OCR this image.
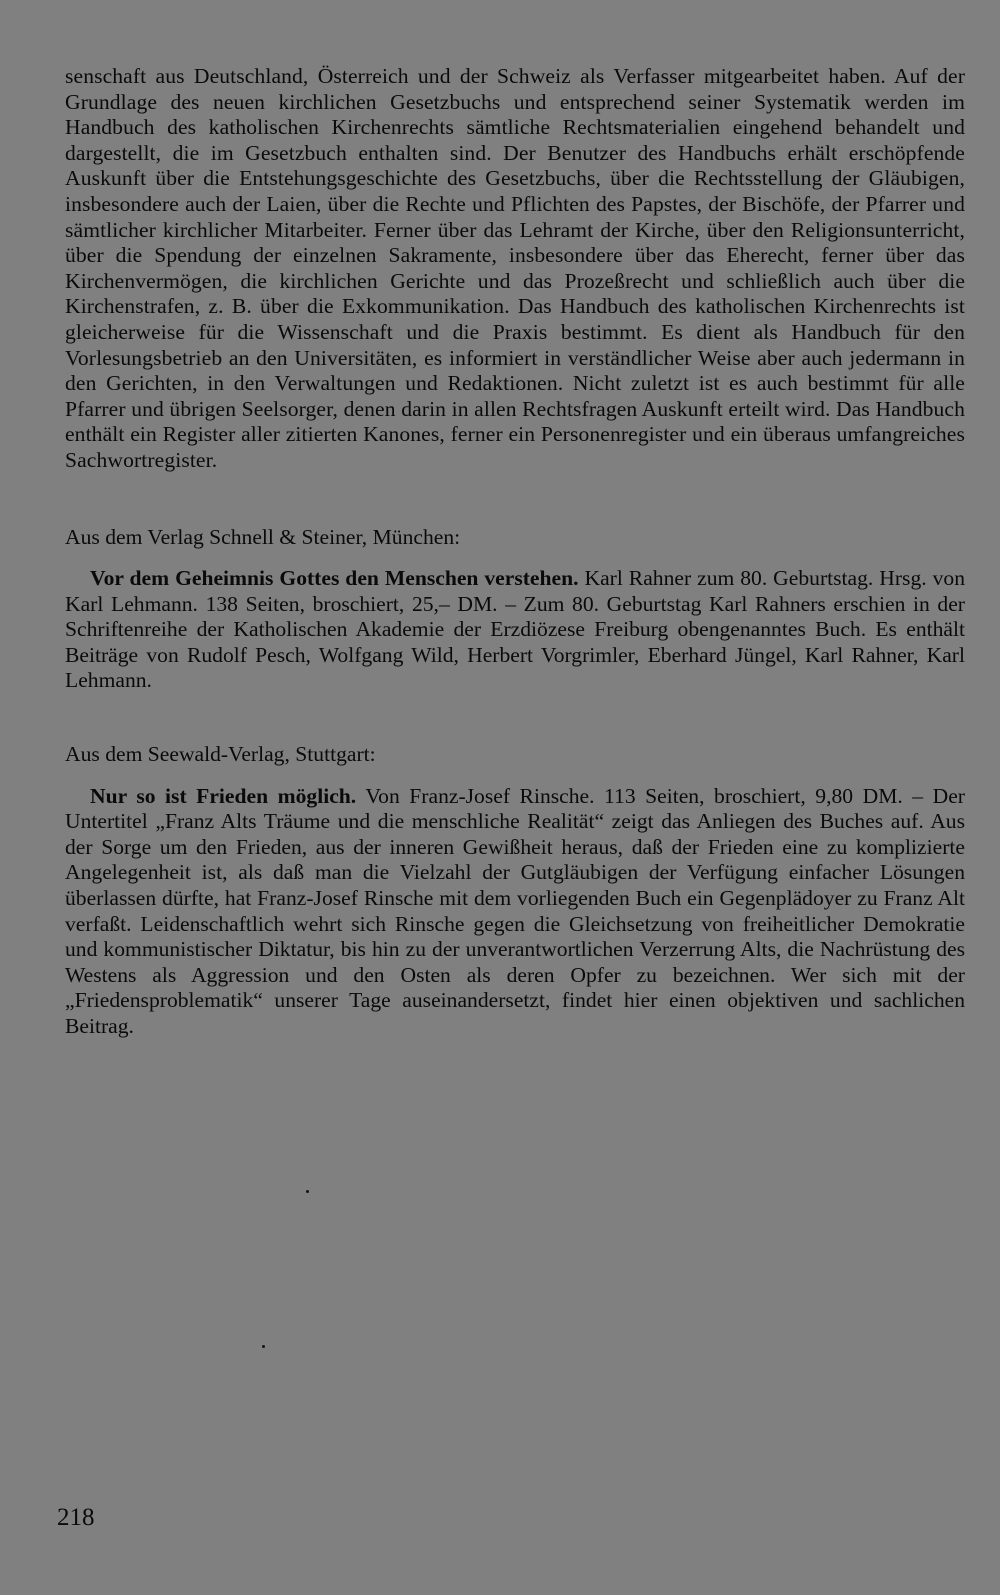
senschaft aus Deutschland, Österreich und der Schweiz als Verfasser mitgearbeitet haben. Auf der Grundlage des neuen kirchlichen Gesetzbuchs und entsprechend seiner Systematik werden im Handbuch des katholischen Kirchenrechts sämtliche Rechtsmaterialien eingehend behandelt und dargestellt, die im Gesetzbuch enthalten sind. Der Benutzer des Handbuchs erhält erschöpfende Auskunft über die Entstehungsgeschichte des Gesetzbuchs, über die Rechtsstellung der Gläubigen, insbesondere auch der Laien, über die Rechte und Pflichten des Papstes, der Bischöfe, der Pfarrer und sämtlicher kirchlicher Mitarbeiter. Ferner über das Lehramt der Kirche, über den Religionsunterricht, über die Spendung der einzelnen Sakramente, insbesondere über das Eherecht, ferner über das Kirchenvermögen, die kirchlichen Gerichte und das Prozeßrecht und schließlich auch über die Kirchenstrafen, z. B. über die Exkommunikation. Das Handbuch des katholischen Kirchenrechts ist gleicherweise für die Wissenschaft und die Praxis bestimmt. Es dient als Handbuch für den Vorlesungsbetrieb an den Universitäten, es informiert in verständlicher Weise aber auch jedermann in den Gerichten, in den Verwaltungen und Redaktionen. Nicht zuletzt ist es auch bestimmt für alle Pfarrer und übrigen Seelsorger, denen darin in allen Rechtsfragen Auskunft erteilt wird. Das Handbuch enthält ein Register aller zitierten Kanones, ferner ein Personenregister und ein überaus umfangreiches Sachwortregister.

Aus dem Verlag Schnell & Steiner, München:

Vor dem Geheimnis Gottes den Menschen verstehen. Karl Rahner zum 80. Geburtstag. Hrsg. von Karl Lehmann. 138 Seiten, broschiert, 25,– DM. – Zum 80. Geburtstag Karl Rahners erschien in der Schriftenreihe der Katholischen Akademie der Erzdiözese Freiburg obengenanntes Buch. Es enthält Beiträge von Rudolf Pesch, Wolfgang Wild, Herbert Vorgrimler, Eberhard Jüngel, Karl Rahner, Karl Lehmann.

Aus dem Seewald-Verlag, Stuttgart:

Nur so ist Frieden möglich. Von Franz-Josef Rinsche. 113 Seiten, broschiert, 9,80 DM. – Der Untertitel „Franz Alts Träume und die menschliche Realität“ zeigt das Anliegen des Buches auf. Aus der Sorge um den Frieden, aus der inneren Gewißheit heraus, daß der Frieden eine zu komplizierte Angelegenheit ist, als daß man die Vielzahl der Gutgläubigen der Verfügung einfacher Lösungen überlassen dürfte, hat Franz-Josef Rinsche mit dem vorliegenden Buch ein Gegenplädoyer zu Franz Alt verfaßt. Leidenschaftlich wehrt sich Rinsche gegen die Gleichsetzung von freiheitlicher Demokratie und kommunistischer Diktatur, bis hin zu der unverantwortlichen Verzerrung Alts, die Nachrüstung des Westens als Aggression und den Osten als deren Opfer zu bezeichnen. Wer sich mit der „Friedensproblematik“ unserer Tage auseinandersetzt, findet hier einen objektiven und sachlichen Beitrag.

218
